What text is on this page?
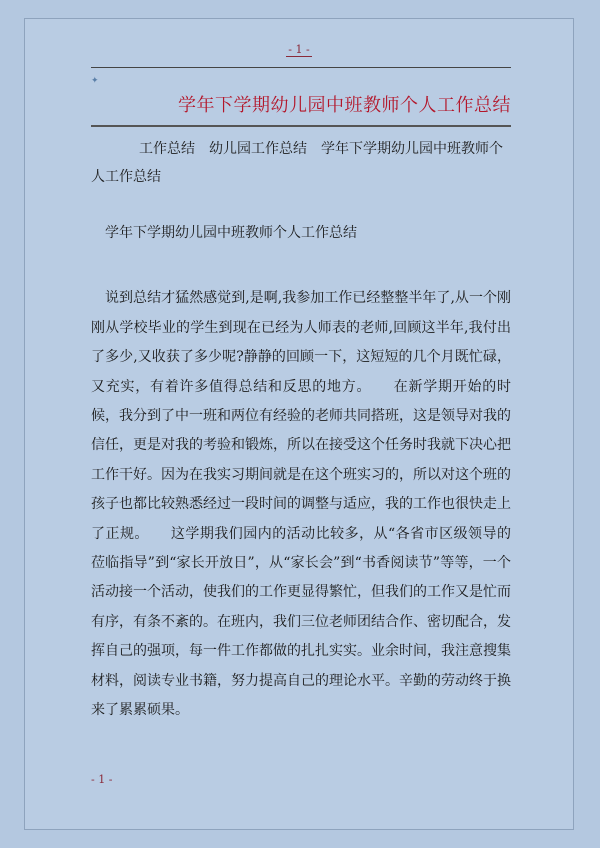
- 1 -
✦
学年下学期幼儿园中班教师个人工作总结

工作总结　幼儿园工作总结　学年下学期幼儿园中班教师个人工作总结

学年下学期幼儿园中班教师个人工作总结

说到总结才猛然感觉到,是啊,我参加工作已经整整半年了,从一个刚刚从学校毕业的学生到现在已经为人师表的老师,回顾这半年,我付出了多少,又收获了多少呢?静静的回顾一下，这短短的几个月既忙碌，又充实，有着许多值得总结和反思的地方。　　在新学期开始的时候，我分到了中一班和两位有经验的老师共同搭班，这是领导对我的信任，更是对我的考验和锻炼，所以在接受这个任务时我就下决心把工作干好。因为在我实习期间就是在这个班实习的，所以对这个班的孩子也都比较熟悉经过一段时间的调整与适应，我的工作也很快走上了正规。　　这学期我们园内的活动比较多，从“各省市区级领导的莅临指导”到“家长开放日”，从“家长会”到“书香阅读节”等等，一个活动接一个活动，使我们的工作更显得繁忙，但我们的工作又是忙而有序，有条不紊的。在班内，我们三位老师团结合作、密切配合，发挥自己的强项，每一件工作都做的扎扎实实。业余时间，我注意搜集材料，阅读专业书籍，努力提高自己的理论水平。辛勤的劳动终于换来了累累硕果。

- 1 -
